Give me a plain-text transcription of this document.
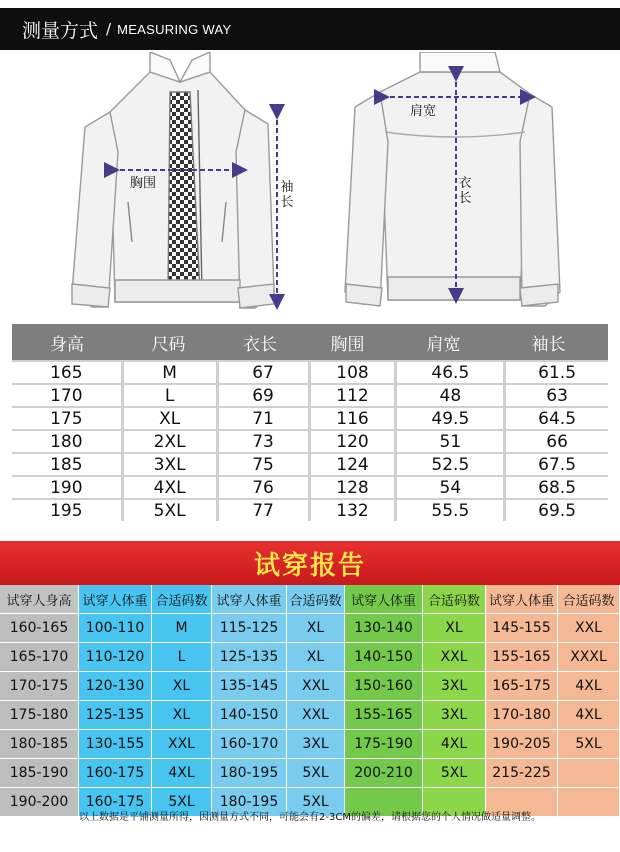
测量方式 / MEASURING WAY
胸围	袖长
肩宽
衣长
身高	尺码	衣长	胸围	肩宽	袖长
165	M	67	108	46.5	61.5
170	L	69	112	48	63
175	XL	71	116	49.5	64.5
180	2XL	73	120	51	66
185	3XL	75	124	52.5	67.5
190	4XL	76	128	54	68.5
195	5XL	77	132	55.5	69.5
试穿报告
试穿人身高 试穿人体重 合适码数 试穿人体重 合适码数 试穿人体重 合适码数 试穿人体重 合适码数
160-165	100-110	M	115-125	XL	130-140	XL	145-155	XXL
165-170	110-120	L	125-135	XL	140-150	XXL	155-165	XXXL
170-175	120-130	XL	135-145	XXL	150-160	3XL	165-175	4XL
175-180	125-135	XL	140-150	XXL	155-165	3XL	170-180	4XL
180-185	130-155	XXL	160-170	3XL	175-190	4XL	190-205	5XL
185-190	160-175	4XL	180-195	5XL	200-210	5XL	215-225
190-200	160-175	5XL	180-195	5XL
以上数据是平铺测量所得，因测量方式不同，可能会有2-3CM的偏差，请根据您的个人情况做适量调整。
